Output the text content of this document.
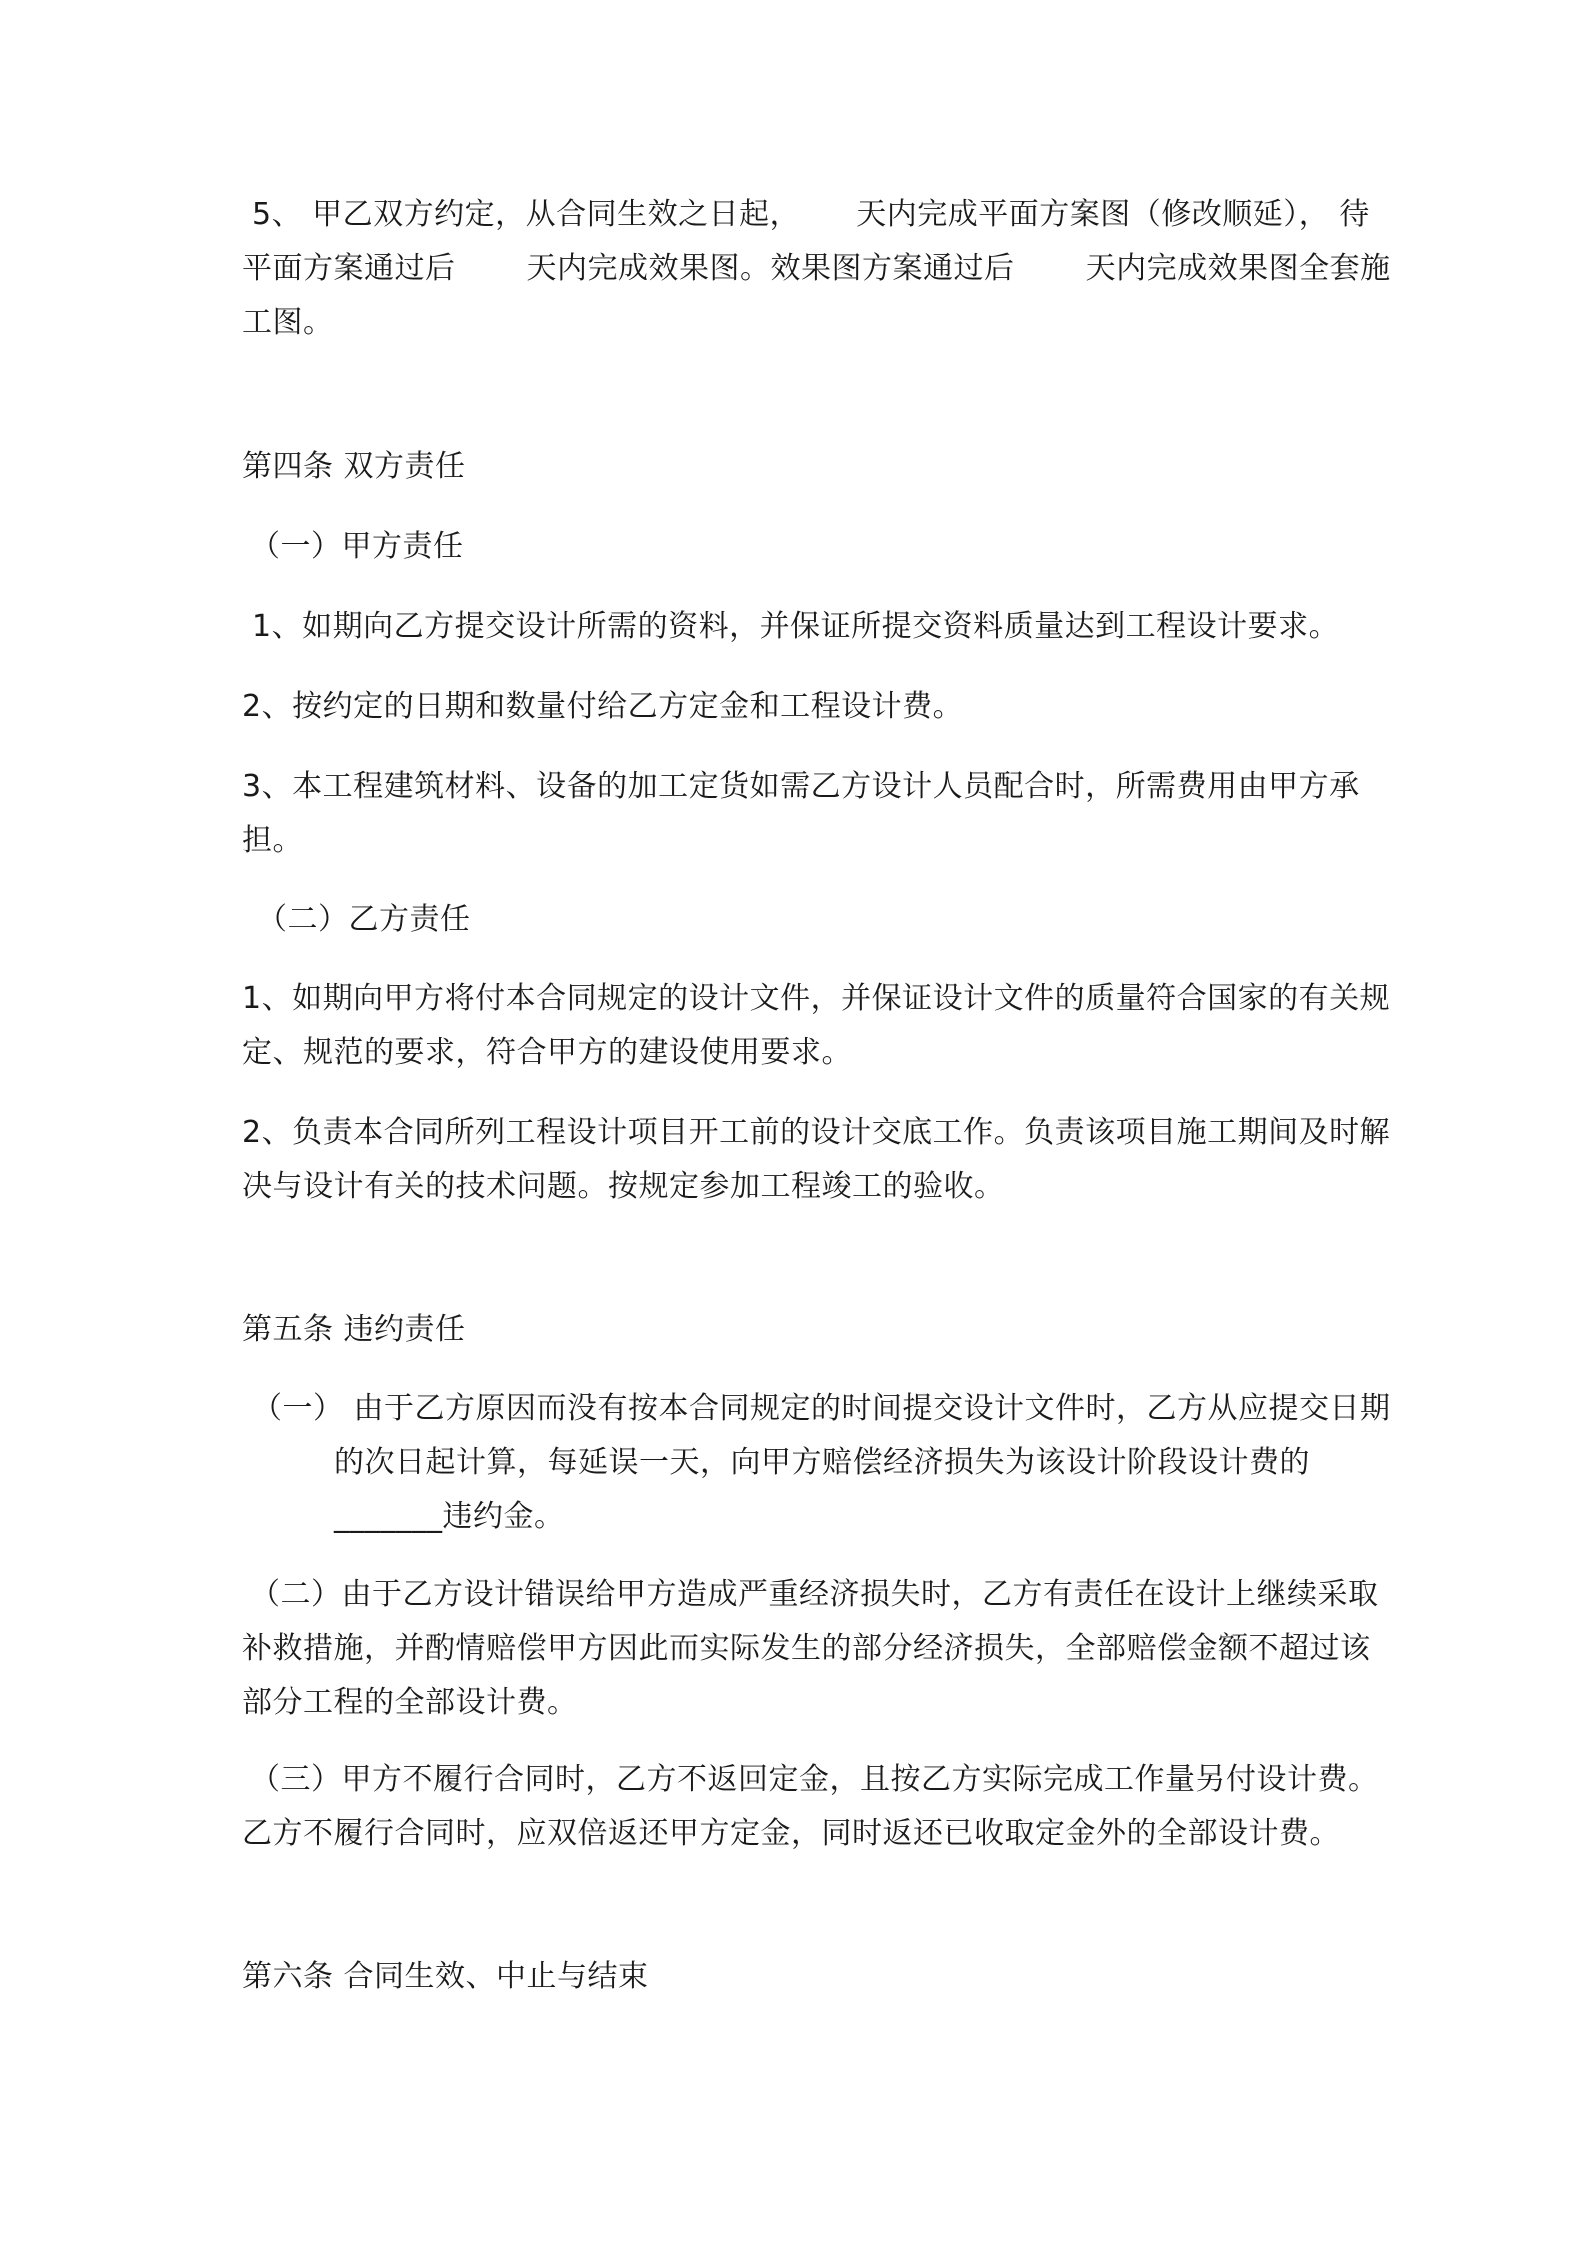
5、 甲乙双方约定，从合同生效之日起，　　 天内完成平面方案图（修改顺延）， 待
平面方案通过后　　 天内完成效果图。效果图方案通过后　　 天内完成效果图全套施
工图。
第四条 双方责任
（一）甲方责任
1、如期向乙方提交设计所需的资料，并保证所提交资料质量达到工程设计要求。
2、按约定的日期和数量付给乙方定金和工程设计费。
3、本工程建筑材料、设备的加工定货如需乙方设计人员配合时，所需费用由甲方承
担。
（二）乙方责任
1、如期向甲方将付本合同规定的设计文件，并保证设计文件的质量符合国家的有关规
定、规范的要求，符合甲方的建设使用要求。
2、负责本合同所列工程设计项目开工前的设计交底工作。负责该项目施工期间及时解
决与设计有关的技术问题。按规定参加工程竣工的验收。
第五条 违约责任
（一） 由于乙方原因而没有按本合同规定的时间提交设计文件时，乙方从应提交日期
的次日起计算，每延误一天，向甲方赔偿经济损失为该设计阶段设计费的
_______违约金。
（二）由于乙方设计错误给甲方造成严重经济损失时，乙方有责任在设计上继续采取
补救措施，并酌情赔偿甲方因此而实际发生的部分经济损失，全部赔偿金额不超过该
部分工程的全部设计费。
（三）甲方不履行合同时，乙方不返回定金，且按乙方实际完成工作量另付设计费。
乙方不履行合同时，应双倍返还甲方定金，同时返还已收取定金外的全部设计费。
第六条 合同生效、中止与结束
